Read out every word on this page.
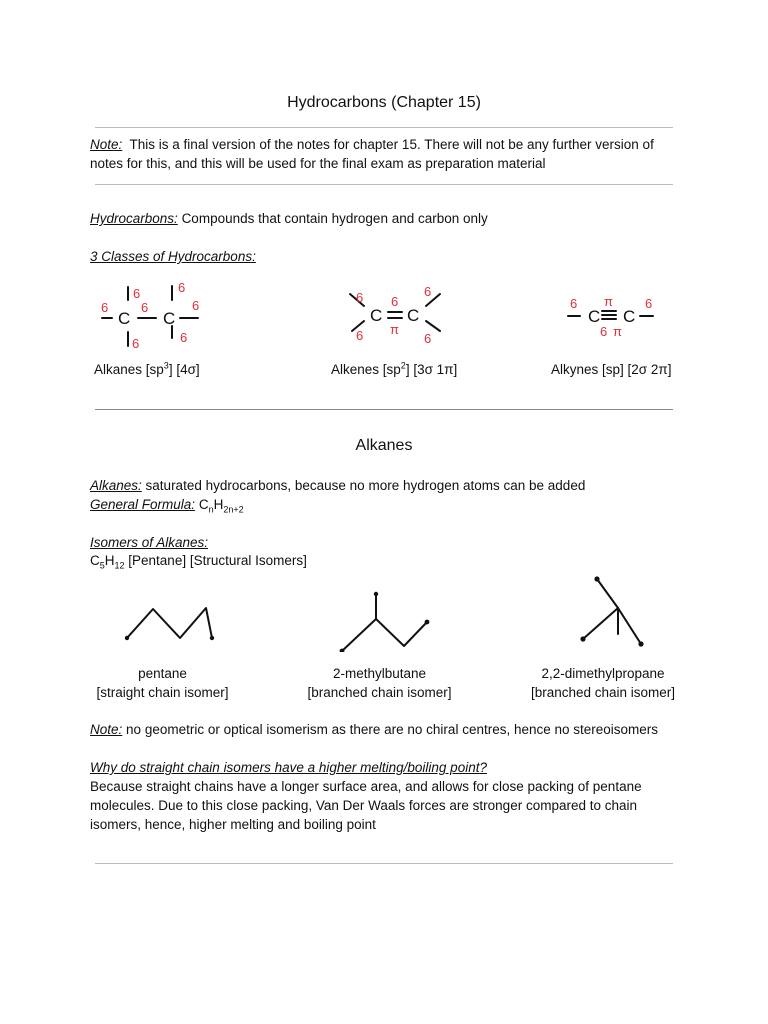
Hydrocarbons (Chapter 15)
Note: This is a final version of the notes for chapter 15. There will not be any further version of notes for this, and this will be used for the final exam as preparation material
Hydrocarbons: Compounds that contain hydrogen and carbon only
3 Classes of Hydrocarbons:
C C	C C	C C
6
6
6
6
6
6
6
6
6
6
6
6
6
6
6
π
π
π
Alkanes $[sp^3]$ [4σ]	Alkenes $[sp^2]$ [3σ 1π]	Alkynes [sp] [2σ 2π]
Alkanes
Alkanes: saturated hydrocarbons, because no more hydrogen atoms can be added
General Formula: $C_nH_{2n+2}$
Isomers of Alkanes:
$C_5H_{12}$ [Pentane] [Structural Isomers]
pentane
[straight chain isomer]
2-methylbutane
[branched chain isomer]
2,2-dimethylpropane
[branched chain isomer]
Note: no geometric or optical isomerism as there are no chiral centres, hence no stereoisomers
Why do straight chain isomers have a higher melting/boiling point?
Because straight chains have a longer surface area, and allows for close packing of pentane molecules. Due to this close packing, Van Der Waals forces are stronger compared to chain isomers, hence, higher melting and boiling point
